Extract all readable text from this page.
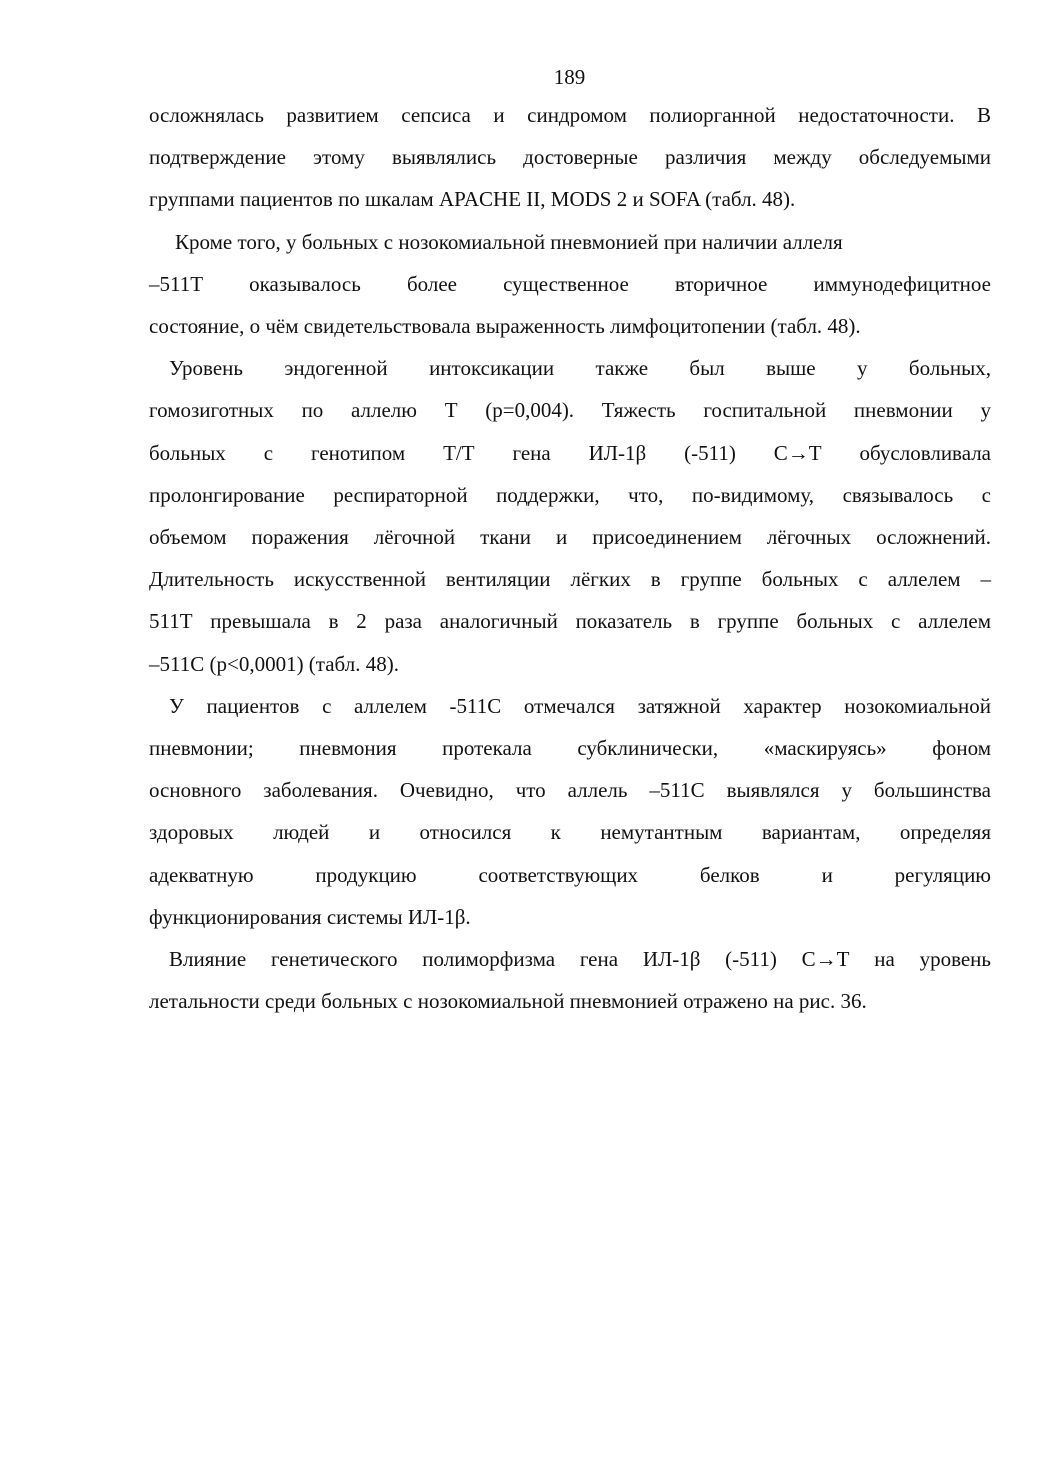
189

осложнялась развитием сепсиса и синдромом полиорганной недостаточности. В
подтверждение этому выявлялись достоверные различия между обследуемыми
группами пациентов по шкалам APACHE II, MODS 2 и SOFA (табл. 48).

Кроме того, у больных с нозокомиальной пневмонией при наличии аллеля
–511Т оказывалось более существенное вторичное иммунодефицитное
состояние, о чём свидетельствовала выраженность лимфоцитопении (табл. 48).

Уровень эндогенной интоксикации также был выше у больных,
гомозиготных по аллелю Т (р=0,004). Тяжесть госпитальной пневмонии у
больных с генотипом Т/Т гена ИЛ-1β (-511) С→Т обусловливала
пролонгирование респираторной поддержки, что, по-видимому, связывалось с
объемом поражения лёгочной ткани и присоединением лёгочных осложнений.
Длительность искусственной вентиляции лёгких в группе больных с аллелем –
511Т превышала в 2 раза аналогичный показатель в группе больных с аллелем
–511С (р<0,0001) (табл. 48).

У пациентов с аллелем -511С отмечался затяжной характер нозокомиальной
пневмонии; пневмония протекала субклинически, «маскируясь» фоном
основного заболевания. Очевидно, что аллель –511С выявлялся у большинства
здоровых людей и относился к немутантным вариантам, определяя
адекватную продукцию соответствующих белков и регуляцию
функционирования системы ИЛ-1β.

Влияние генетического полиморфизма гена ИЛ-1β (-511) С→Т на уровень
летальности среди больных с нозокомиальной пневмонией отражено на рис. 36.
